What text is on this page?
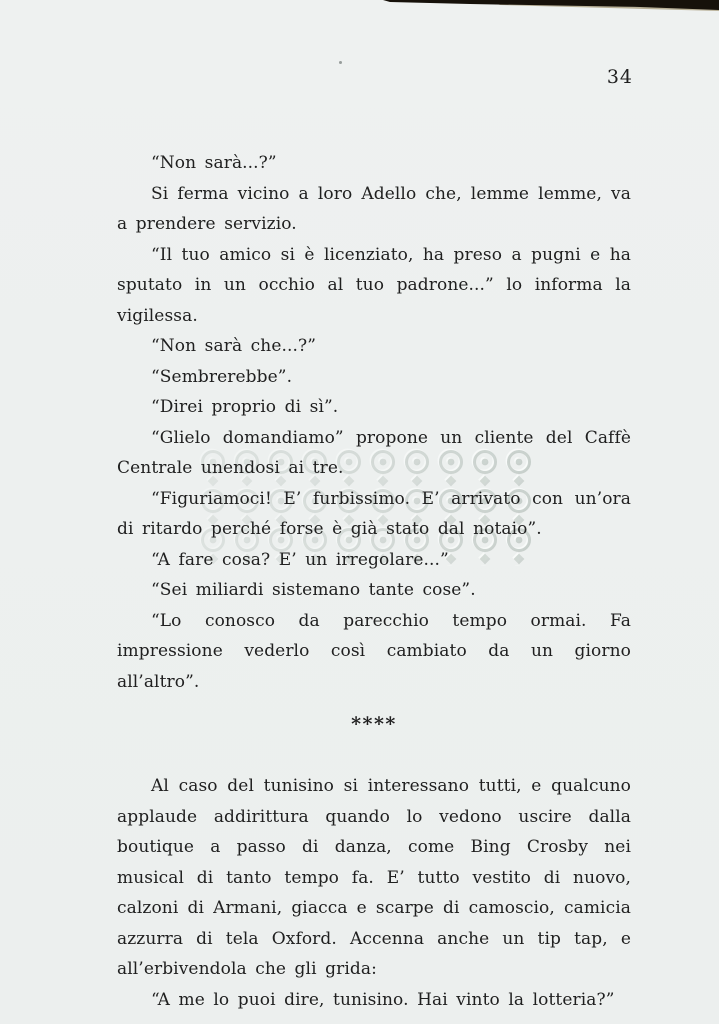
34

“Non sarà...?”

Si ferma vicino a loro Adello che, lemme lemme, va a prendere servizio.

“Il tuo amico si è licenziato, ha preso a pugni e ha sputato in un occhio al tuo padrone...” lo informa la vigilessa.

“Non sarà che...?”

“Sembrerebbe”.

“Direi proprio di sì”.

“Glielo domandiamo” propone un cliente del Caffè Centrale unendosi ai tre.

“Figuriamoci! E’ furbissimo. E’ arrivato con un’ora di ritardo perché forse è già stato dal notaio”.

“A fare cosa? E’ un irregolare...”

“Sei miliardi sistemano tante cose”.

“Lo conosco da parecchio tempo ormai. Fa impressione vederlo così cambiato da un giorno all’altro”.

****

Al caso del tunisino si interessano tutti, e qualcuno applaude addirittura quando lo vedono uscire dalla boutique a passo di danza, come Bing Crosby nei musical di tanto tempo fa. E’ tutto vestito di nuovo, calzoni di Armani, giacca e scarpe di camoscio, camicia azzurra di tela Oxford. Accenna anche un tip tap, e all’erbivendola che gli grida:

“A me lo puoi dire, tunisino. Hai vinto la lotteria?”
